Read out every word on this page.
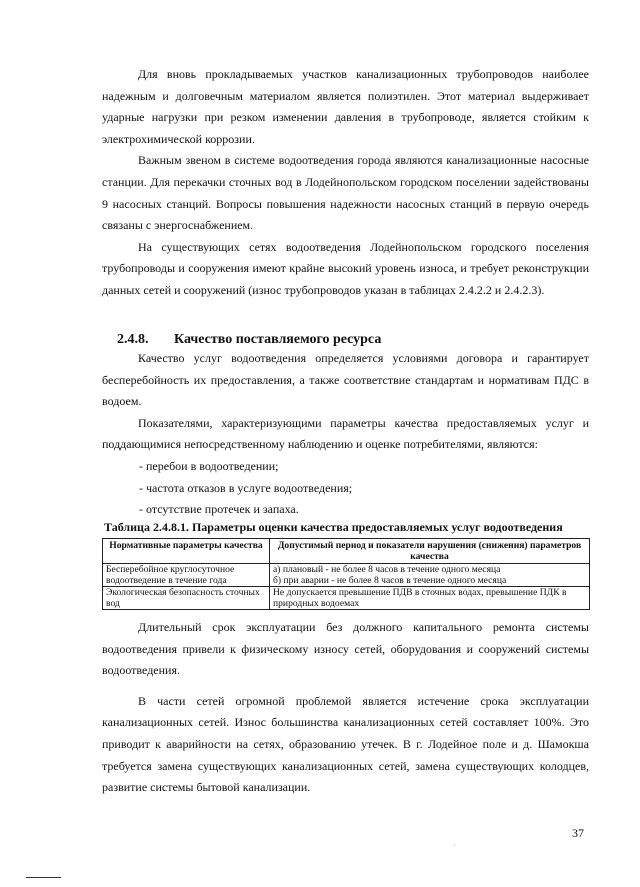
Для вновь прокладываемых участков канализационных трубопроводов наиболее надежным и долговечным материалом является полиэтилен. Этот материал выдерживает ударные нагрузки при резком изменении давления в трубопроводе, является стойким к электрохимической коррозии.

Важным звеном в системе водоотведения города являются канализационные насосные станции. Для перекачки сточных вод в Лодейнопольском городском поселении задействованы 9 насосных станций. Вопросы повышения надежности насосных станций в первую очередь связаны с энергоснабжением.

На существующих сетях водоотведения Лодейнопольском городского поселения трубопроводы и сооружения имеют крайне высокий уровень износа, и требует реконструкции данных сетей и сооружений (износ трубопроводов указан в таблицах 2.4.2.2 и 2.4.2.3).

2.4.8. Качество поставляемого ресурса

Качество услуг водоотведения определяется условиями договора и гарантирует бесперебойность их предоставления, а также соответствие стандартам и нормативам ПДС в водоем.

Показателями, характеризующими параметры качества предоставляемых услуг и поддающимися непосредственному наблюдению и оценке потребителями, являются:

- перебои в водоотведении;
- частота отказов в услуге водоотведения;
- отсутствие протечек и запаха.
Таблица 2.4.8.1. Параметры оценки качества предоставляемых услуг водоотведения
Нормативные параметры качества	Допустимый период и показатели нарушения (снижения) параметров качества
Бесперебойное круглосуточное водоотведение в течение года	а) плановый - не более 8 часов в течение одного месяца
б) при аварии - не более 8 часов в течение одного месяца

Экологическая безопасность сточных вод	Не допускается превышение ПДВ в сточных водах, превышение ПДК в природных водоемах

Длительный срок эксплуатации без должного капитального ремонта системы водоотведения привели к физическому износу сетей, оборудования и сооружений системы водоотведения.

В части сетей огромной проблемой является истечение срока эксплуатации канализационных сетей. Износ большинства канализационных сетей составляет 100%. Это приводит к аварийности на сетях, образованию утечек. В г. Лодейное поле и д. Шамокша требуется замена существующих канализационных сетей, замена существующих колодцев, развитие системы бытовой канализации.

37
ˌ
